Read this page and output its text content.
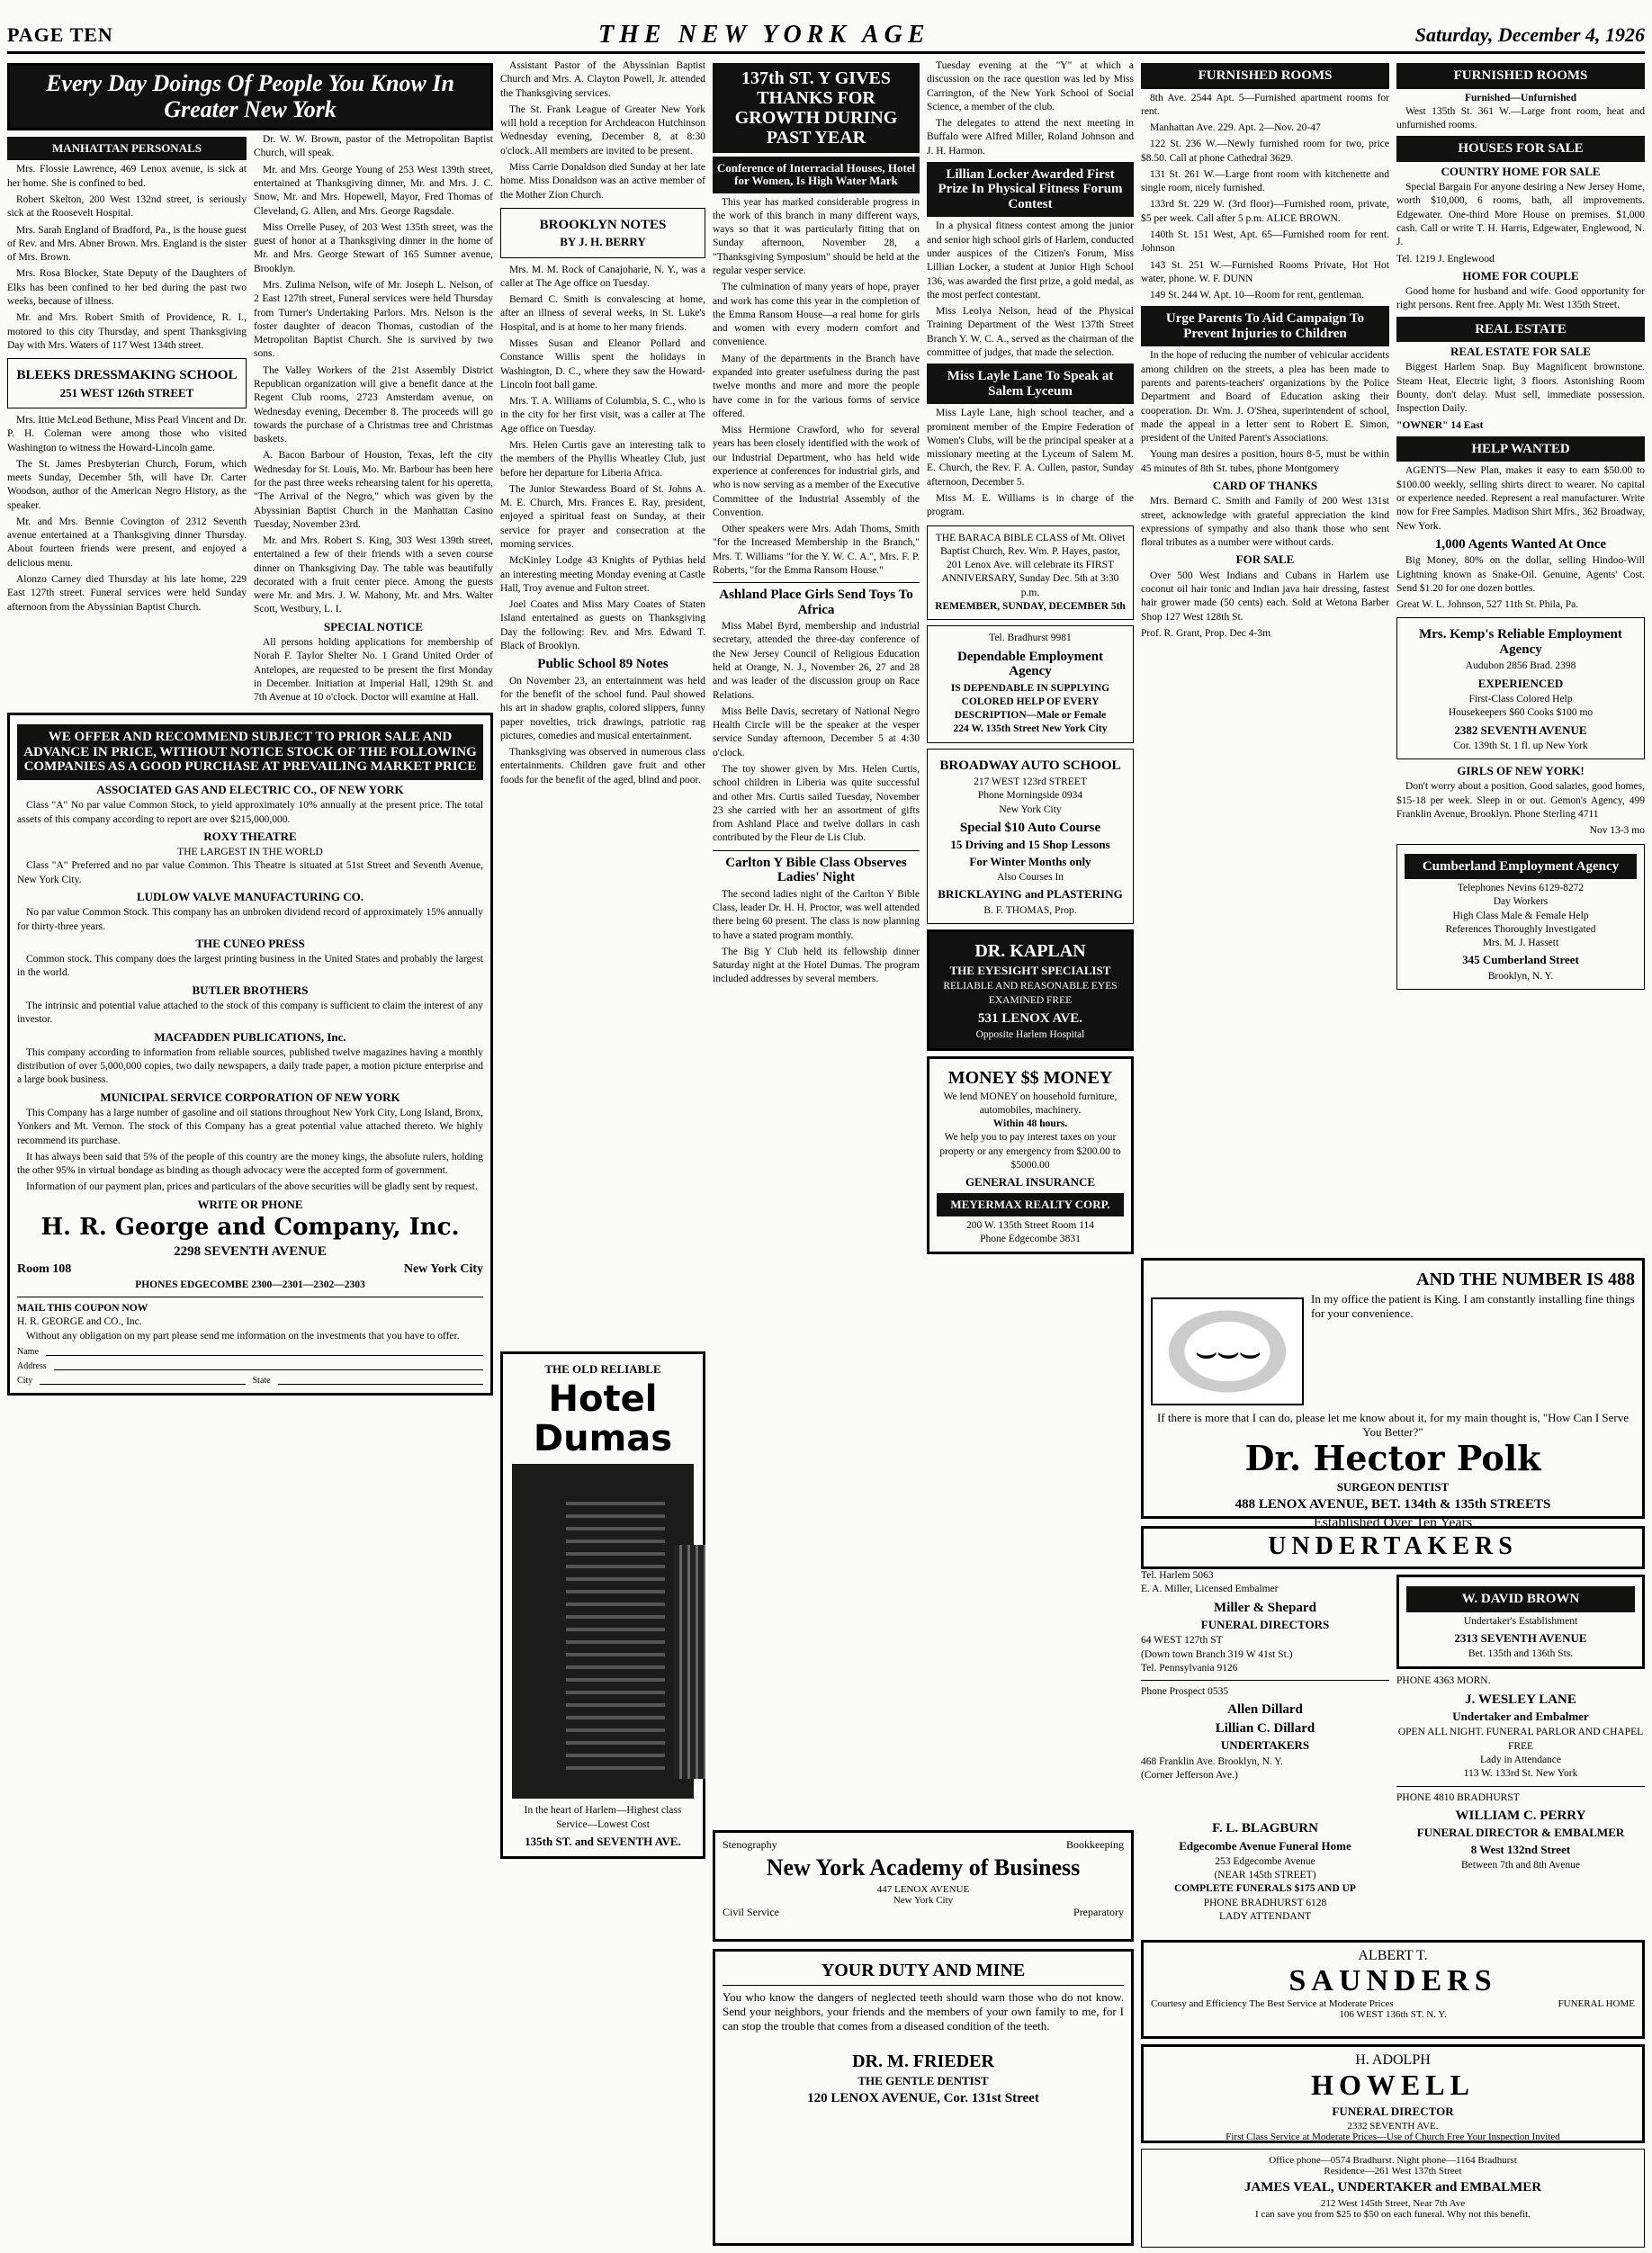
PAGE TEN	THE NEW YORK AGE	Saturday, December 4, 1926
Every Day Doings Of People You Know In Greater New York
MANHATTAN PERSONALS

Mrs. Flossie Lawrence, 469 Lenox avenue, is sick at her home. She is confined to bed.

Robert Skelton, 200 West 132nd street, is seriously sick at the Roosevelt Hospital.

Mrs. Sarah England of Bradford, Pa., is the house guest of Rev. and Mrs. Abner Brown. Mrs. England is the sister of Mrs. Brown.

Mrs. Rosa Blocker, State Deputy of the Daughters of Elks has been confined to her bed during the past two weeks, because of illness.

Mr. and Mrs. Robert Smith of Providence, R. I., motored to this city Thursday, and spent Thanksgiving Day with Mrs. Waters of 117 West 134th street.

BLEEKS DRESSMAKING SCHOOL
251 WEST 126th STREET

Mrs. Ittie McLeod Bethune, Miss Pearl Vincent and Dr. P. H. Coleman were among those who visited Washington to witness the Howard-Lincoln game.

The St. James Presbyterian Church, Forum, which meets Sunday, December 5th, will have Dr. Carter Woodson, author of the American Negro History, as the speaker.

Mr. and Mrs. Bennie Covington of 2312 Seventh avenue entertained at a Thanksgiving dinner Thursday. About fourteen friends were present, and enjoyed a delicious menu.

Alonzo Carney died Thursday at his late home, 229 East 127th street. Funeral services were held Sunday afternoon from the Abyssinian Baptist Church.

Dr. W. W. Brown, pastor of the Metropolitan Baptist Church, will speak.

Mr. and Mrs. George Young of 253 West 139th street, entertained at Thanksgiving dinner, Mr. and Mrs. J. C. Snow, Mr. and Mrs. Hopewell, Mayor, Fred Thomas of Cleveland, G. Allen, and Mrs. George Ragsdale.

Miss Orrelle Pusey, of 203 West 135th street, was the guest of honor at a Thanksgiving dinner in the home of Mr. and Mrs. George Stewart of 165 Sumner avenue, Brooklyn.

Mrs. Zulima Nelson, wife of Mr. Joseph L. Nelson, of 2 East 127th street, Funeral services were held Thursday from Turner's Undertaking Parlors. Mrs. Nelson is the foster daughter of deacon Thomas, custodian of the Metropolitan Baptist Church. She is survived by two sons.

The Valley Workers of the 21st Assembly District Republican organization will give a benefit dance at the Regent Club rooms, 2723 Amsterdam avenue, on Wednesday evening, December 8. The proceeds will go towards the purchase of a Christmas tree and Christmas baskets.

A. Bacon Barbour of Houston, Texas, left the city Wednesday for St. Louis, Mo. Mr. Barbour has been here for the past three weeks rehearsing talent for his operetta, "The Arrival of the Negro," which was given by the Abyssinian Baptist Church in the Manhattan Casino Tuesday, November 23rd.

Mr. and Mrs. Robert S. King, 303 West 139th street, entertained a few of their friends with a seven course dinner on Thanksgiving Day. The table was beautifully decorated with a fruit center piece. Among the guests were Mr. and Mrs. J. W. Mahony, Mr. and Mrs. Walter Scott, Westbury, L. I.

SPECIAL NOTICE

All persons holding applications for membership of Norah F. Taylor Shelter No. 1 Grand United Order of Antelopes, are requested to be present the first Monday in December. Initiation at Imperial Hall, 129th St. and 7th Avenue at 10 o'clock. Doctor will examine at Hall.

WE OFFER AND RECOMMEND SUBJECT TO PRIOR SALE AND ADVANCE IN PRICE, WITHOUT NOTICE STOCK OF THE FOLLOWING COMPANIES AS A GOOD PURCHASE AT PREVAILING MARKET PRICE
ASSOCIATED GAS AND ELECTRIC CO., OF NEW YORK

Class "A" No par value Common Stock, to yield approximately 10% annually at the present price. The total assets of this company according to report are over $215,000,000.

ROXY THEATRE
THE LARGEST IN THE WORLD

Class "A" Preferred and no par value Common. This Theatre is situated at 51st Street and Seventh Avenue, New York City.

LUDLOW VALVE MANUFACTURING CO.

No par value Common Stock. This company has an unbroken dividend record of approximately 15% annually for thirty-three years.

THE CUNEO PRESS

Common stock. This company does the largest printing business in the United States and probably the largest in the world.

BUTLER BROTHERS

The intrinsic and potential value attached to the stock of this company is sufficient to claim the interest of any investor.

MACFADDEN PUBLICATIONS, Inc.

This company according to information from reliable sources, published twelve magazines having a monthly distribution of over 5,000,000 copies, two daily newspapers, a daily trade paper, a motion picture enterprise and a large book business.

MUNICIPAL SERVICE CORPORATION OF NEW YORK

This Company has a large number of gasoline and oil stations throughout New York City, Long Island, Bronx, Yonkers and Mt. Vernon. The stock of this Company has a great potential value attached thereto. We highly recommend its purchase.

It has always been said that 5% of the people of this country are the money kings, the absolute rulers, holding the other 95% in virtual bondage as binding as though advocacy were the accepted form of government.

Information of our payment plan, prices and particulars of the above securities will be gladly sent by request.

WRITE OR PHONE
H. R. George and Company, Inc.
2298 SEVENTH AVENUE
Room 108	New York City
PHONES EDGECOMBE 2300—2301—2302—2303
MAIL THIS COUPON NOW
H. R. GEORGE and CO., Inc.

Without any obligation on my part please send me information on the investments that you have to offer.

Name
Address
City	State

Assistant Pastor of the Abyssinian Baptist Church and Mrs. A. Clayton Powell, Jr. attended the Thanksgiving services.

The St. Frank League of Greater New York will hold a reception for Archdeacon Hutchinson Wednesday evening, December 8, at 8:30 o'clock. All members are invited to be present.

Miss Carrie Donaldson died Sunday at her late home. Miss Donaldson was an active member of the Mother Zion Church.

BROOKLYN NOTES
BY J. H. BERRY

Mrs. M. M. Rock of Canajoharie, N. Y., was a caller at The Age office on Tuesday.

Bernard C. Smith is convalescing at home, after an illness of several weeks, in St. Luke's Hospital, and is at home to her many friends.

Misses Susan and Eleanor Pollard and Constance Willis spent the holidays in Washington, D. C., where they saw the Howard-Lincoln foot ball game.

Mrs. T. A. Williams of Columbia, S. C., who is in the city for her first visit, was a caller at The Age office on Tuesday.

Mrs. Helen Curtis gave an interesting talk to the members of the Phyllis Wheatley Club, just before her departure for Liberia Africa.

The Junior Stewardess Board of St. Johns A. M. E. Church, Mrs. Frances E. Ray, president, enjoyed a spiritual feast on Sunday, at their service for prayer and consecration at the morning services.

McKinley Lodge 43 Knights of Pythias held an interesting meeting Monday evening at Castle Hall, Troy avenue and Fulton street.

Joel Coates and Miss Mary Coates of Staten Island entertained as guests on Thanksgiving Day the following: Rev. and Mrs. Edward T. Black of Brooklyn.

Public School 89 Notes

On November 23, an entertainment was held for the benefit of the school fund. Paul showed his art in shadow graphs, colored slippers, funny paper novelties, trick drawings, patriotic rag pictures, comedies and musical entertainment.

Thanksgiving was observed in numerous class entertainments. Children gave fruit and other foods for the benefit of the aged, blind and poor.

THE OLD RELIABLE
Hotel Dumas
In the heart of Harlem—Highest class Service—Lowest Cost
135th ST. and SEVENTH AVE.
137th ST. Y GIVES THANKS FOR GROWTH DURING PAST YEAR
Conference of Interracial Houses, Hotel for Women, Is High Water Mark

This year has marked considerable progress in the work of this branch in many different ways, ways so that it was particularly fitting that on Sunday afternoon, November 28, a "Thanksgiving Symposium" should be held at the regular vesper service.

The culmination of many years of hope, prayer and work has come this year in the completion of the Emma Ransom House—a real home for girls and women with every modern comfort and convenience.

Many of the departments in the Branch have expanded into greater usefulness during the past twelve months and more and more the people have come in for the various forms of service offered.

Miss Hermione Crawford, who for several years has been closely identified with the work of our Industrial Department, who has held wide experience at conferences for industrial girls, and who is now serving as a member of the Executive Committee of the Industrial Assembly of the Convention.

Other speakers were Mrs. Adah Thoms, Smith "for the Increased Membership in the Branch," Mrs. T. Williams "for the Y. W. C. A.", Mrs. F. P. Roberts, "for the Emma Ransom House."

Ashland Place Girls Send Toys To Africa

Miss Mabel Byrd, membership and industrial secretary, attended the three-day conference of the New Jersey Council of Religious Education held at Orange, N. J., November 26, 27 and 28 and was leader of the discussion group on Race Relations.

Miss Belle Davis, secretary of National Negro Health Circle will be the speaker at the vesper service Sunday afternoon, December 5 at 4:30 o'clock.

The toy shower given by Mrs. Helen Curtis, school children in Liberia was quite successful and other Mrs. Curtis sailed Tuesday, November 23 she carried with her an assortment of gifts from Ashland Place and twelve dollars in cash contributed by the Fleur de Lis Club.

Carlton Y Bible Class Observes Ladies' Night

The second ladies night of the Carlton Y Bible Class, leader Dr. H. H. Proctor, was well attended there being 60 present. The class is now planning to have a stated program monthly.

The Big Y Club held its fellowship dinner Saturday night at the Hotel Dumas. The program included addresses by several members.

Tuesday evening at the "Y" at which a discussion on the race question was led by Miss Carrington, of the New York School of Social Science, a member of the club.

The delegates to attend the next meeting in Buffalo were Alfred Miller, Roland Johnson and J. H. Harmon.

Lillian Locker Awarded First Prize In Physical Fitness Forum Contest

In a physical fitness contest among the junior and senior high school girls of Harlem, conducted under auspices of the Citizen's Forum, Miss Lillian Locker, a student at Junior High School 136, was awarded the first prize, a gold medal, as the most perfect contestant.

Miss Leolya Nelson, head of the Physical Training Department of the West 137th Street Branch Y. W. C. A., served as the chairman of the committee of judges, that made the selection.

Miss Layle Lane To Speak at Salem Lyceum

Miss Layle Lane, high school teacher, and a prominent member of the Empire Federation of Women's Clubs, will be the principal speaker at a missionary meeting at the Lyceum of Salem M. E. Church, the Rev. F. A. Cullen, pastor, Sunday afternoon, December 5.

Miss M. E. Williams is in charge of the program.

THE BARACA BIBLE CLASS of Mt. Olivet Baptist Church, Rev. Wm. P. Hayes, pastor, 201 Lenox Ave. will celebrate its FIRST ANNIVERSARY, Sunday Dec. 5th at 3:30 p.m.
REMEMBER, SUNDAY, DECEMBER 5th
Tel. Bradhurst 9981
Dependable Employment Agency
IS DEPENDABLE IN SUPPLYING COLORED HELP OF EVERY DESCRIPTION—Male or Female
224 W. 135th Street New York City
BROADWAY AUTO SCHOOL
217 WEST 123rd STREET
Phone Morningside 0934
New York City
Special $10 Auto Course
15 Driving and 15 Shop Lessons
For Winter Months only
Also Courses In
BRICKLAYING and PLASTERING
B. F. THOMAS, Prop.
DR. KAPLAN
THE EYESIGHT SPECIALIST
RELIABLE AND REASONABLE EYES EXAMINED FREE
531 LENOX AVE.
Opposite Harlem Hospital
MONEY $$ MONEY
We lend MONEY on household furniture, automobiles, machinery.
Within 48 hours.
We help you to pay interest taxes on your property or any emergency from $200.00 to $5000.00
GENERAL INSURANCE
MEYERMAX REALTY CORP.
200 W. 135th Street Room 114
Phone Edgecombe 3831
Stenography	Bookkeeping
New York Academy of Business
447 LENOX AVENUE
New York City
Civil Service	Preparatory
YOUR DUTY AND MINE

You who know the dangers of neglected teeth should warn those who do not know. Send your neighbors, your friends and the members of your own family to me, for I can stop the trouble that comes from a diseased condition of the teeth.

DR. M. FRIEDER
THE GENTLE DENTIST
120 LENOX AVENUE, Cor. 131st Street
FURNISHED ROOMS

8th Ave. 2544 Apt. 5—Furnished apartment rooms for rent.

Manhattan Ave. 229. Apt. 2—Nov. 20-47

122 St. 236 W.—Newly furnished room for two, price $8.50. Call at phone Cathedral 3629.

131 St. 261 W.—Large front room with kitchenette and single room, nicely furnished.

133rd St. 229 W. (3rd floor)—Furnished room, private, $5 per week. Call after 5 p.m. ALICE BROWN.

140th St. 151 West, Apt. 65—Furnished room for rent. Johnson

143 St. 251 W.—Furnished Rooms Private, Hot Hot water, phone. W. F. DUNN

149 St. 244 W. Apt. 10—Room for rent, gentleman.

Urge Parents To Aid Campaign To Prevent Injuries to Children

In the hope of reducing the number of vehicular accidents among children on the streets, a plea has been made to parents and parents-teachers' organizations by the Police Department and Board of Education asking their cooperation. Dr. Wm. J. O'Shea, superintendent of school, made the appeal in a letter sent to Robert E. Simon, president of the United Parent's Associations.

Young man desires a position, hours 8-5, must be within 45 minutes of 8th St. tubes, phone Montgomery

CARD OF THANKS

Mrs. Bernard C. Smith and Family of 200 West 131st street, acknowledge with grateful appreciation the kind expressions of sympathy and also thank those who sent floral tributes as a number were without cards.

FOR SALE

Over 500 West Indians and Cubans in Harlem use coconut oil hair tonic and Indian java hair dressing, fastest hair grower made (50 cents) each. Sold at Wetona Barber Shop 127 West 128th St.

Prof. R. Grant, Prop. Dec 4-3m
FURNISHED ROOMS
Furnished—Unfurnished

West 135th St. 361 W.—Large front room, heat and unfurnished rooms.

HOUSES FOR SALE
COUNTRY HOME FOR SALE

Special Bargain For anyone desiring a New Jersey Home, worth $10,000, 6 rooms, bath, all improvements. Edgewater. One-third More House on premises. $1,000 cash. Call or write T. H. Harris, Edgewater, Englewood, N. J.

Tel. 1219 J. Englewood
HOME FOR COUPLE

Good home for husband and wife. Good opportunity for right persons. Rent free. Apply Mr. West 135th Street.

REAL ESTATE
REAL ESTATE FOR SALE

Biggest Harlem Snap. Buy Magnificent brownstone. Steam Heat, Electric light, 3 floors. Astonishing Room Bounty, don't delay. Must sell, immediate possession. Inspection Daily.

"OWNER" 14 East
HELP WANTED

AGENTS—New Plan, makes it easy to earn $50.00 to $100.00 weekly, selling shirts direct to wearer. No capital or experience needed. Represent a real manufacturer. Write now for Free Samples. Madison Shirt Mfrs., 362 Broadway, New York.

1,000 Agents Wanted At Once

Big Money, 80% on the dollar, selling Hindoo-Will Lightning known as Snake-Oil. Genuine, Agents' Cost. Send $1.20 for one dozen bottles.

Great W. L. Johnson, 527 11th St. Phila, Pa.
Mrs. Kemp's Reliable Employment Agency
Audubon 2856 Brad. 2398
EXPERIENCED
First-Class Colored Help
Housekeepers $60 Cooks $100 mo
2382 SEVENTH AVENUE
Cor. 139th St. 1 fl. up New York
GIRLS OF NEW YORK!

Don't worry about a position. Good salaries, good homes, $15-18 per week. Sleep in or out. Gemon's Agency, 499 Franklin Avenue, Brooklyn. Phone Sterling 4711

Nov 13-3 mo
Cumberland Employment Agency
Telephones Nevins 6129-8272
Day Workers
High Class Male & Female Help
References Thoroughly Investigated
Mrs. M. J. Hassett
345 Cumberland Street
Brooklyn, N. Y.
AND THE NUMBER IS 488
⌣⌣⌣

In my office the patient is King. I am constantly installing fine things for your convenience.

If there is more that I can do, please let me know about it, for my main thought is, "How Can I Serve You Better?"

Dr. Hector Polk
SURGEON DENTIST
488 LENOX AVENUE, BET. 134th & 135th STREETS
Established Over Ten Years
UNDERTAKERS
Tel. Harlem 5063
E. A. Miller, Licensed Embalmer
Miller & Shepard
FUNERAL DIRECTORS
64 WEST 127th ST
(Down town Branch 319 W 41st St.)
Tel. Pennsylvania 9126
Phone Prospect 0535
Allen Dillard
Lillian C. Dillard
UNDERTAKERS
468 Franklin Ave. Brooklyn, N. Y.
(Corner Jefferson Ave.)
F. L. BLAGBURN
Edgecombe Avenue Funeral Home
253 Edgecombe Avenue
(NEAR 145th STREET)
COMPLETE FUNERALS $175 AND UP
PHONE BRADHURST 6128
LADY ATTENDANT
W. DAVID BROWN
Undertaker's Establishment
2313 SEVENTH AVENUE
Bet. 135th and 136th Sts.
PHONE 4363 MORN.
J. WESLEY LANE
Undertaker and Embalmer
OPEN ALL NIGHT. FUNERAL PARLOR AND CHAPEL FREE
Lady in Attendance
113 W. 133rd St. New York
PHONE 4810 BRADHURST
WILLIAM C. PERRY
FUNERAL DIRECTOR & EMBALMER
8 West 132nd Street
Between 7th and 8th Avenue
ALBERT T.
SAUNDERS
Courtesy and Efficiency The Best Service at Moderate Prices	FUNERAL HOME
106 WEST 136th ST. N. Y.
H. ADOLPH
HOWELL
FUNERAL DIRECTOR
2332 SEVENTH AVE.
First Class Service at Moderate Prices—Use of Church Free Your Inspection Invited
Office phone—0574 Bradhurst. Night phone—1164 Bradhurst
Residence—261 West 137th Street
JAMES VEAL, UNDERTAKER and EMBALMER
212 West 145th Street, Near 7th Ave
I can save you from $25 to $50 on each funeral. Why not this benefit.
